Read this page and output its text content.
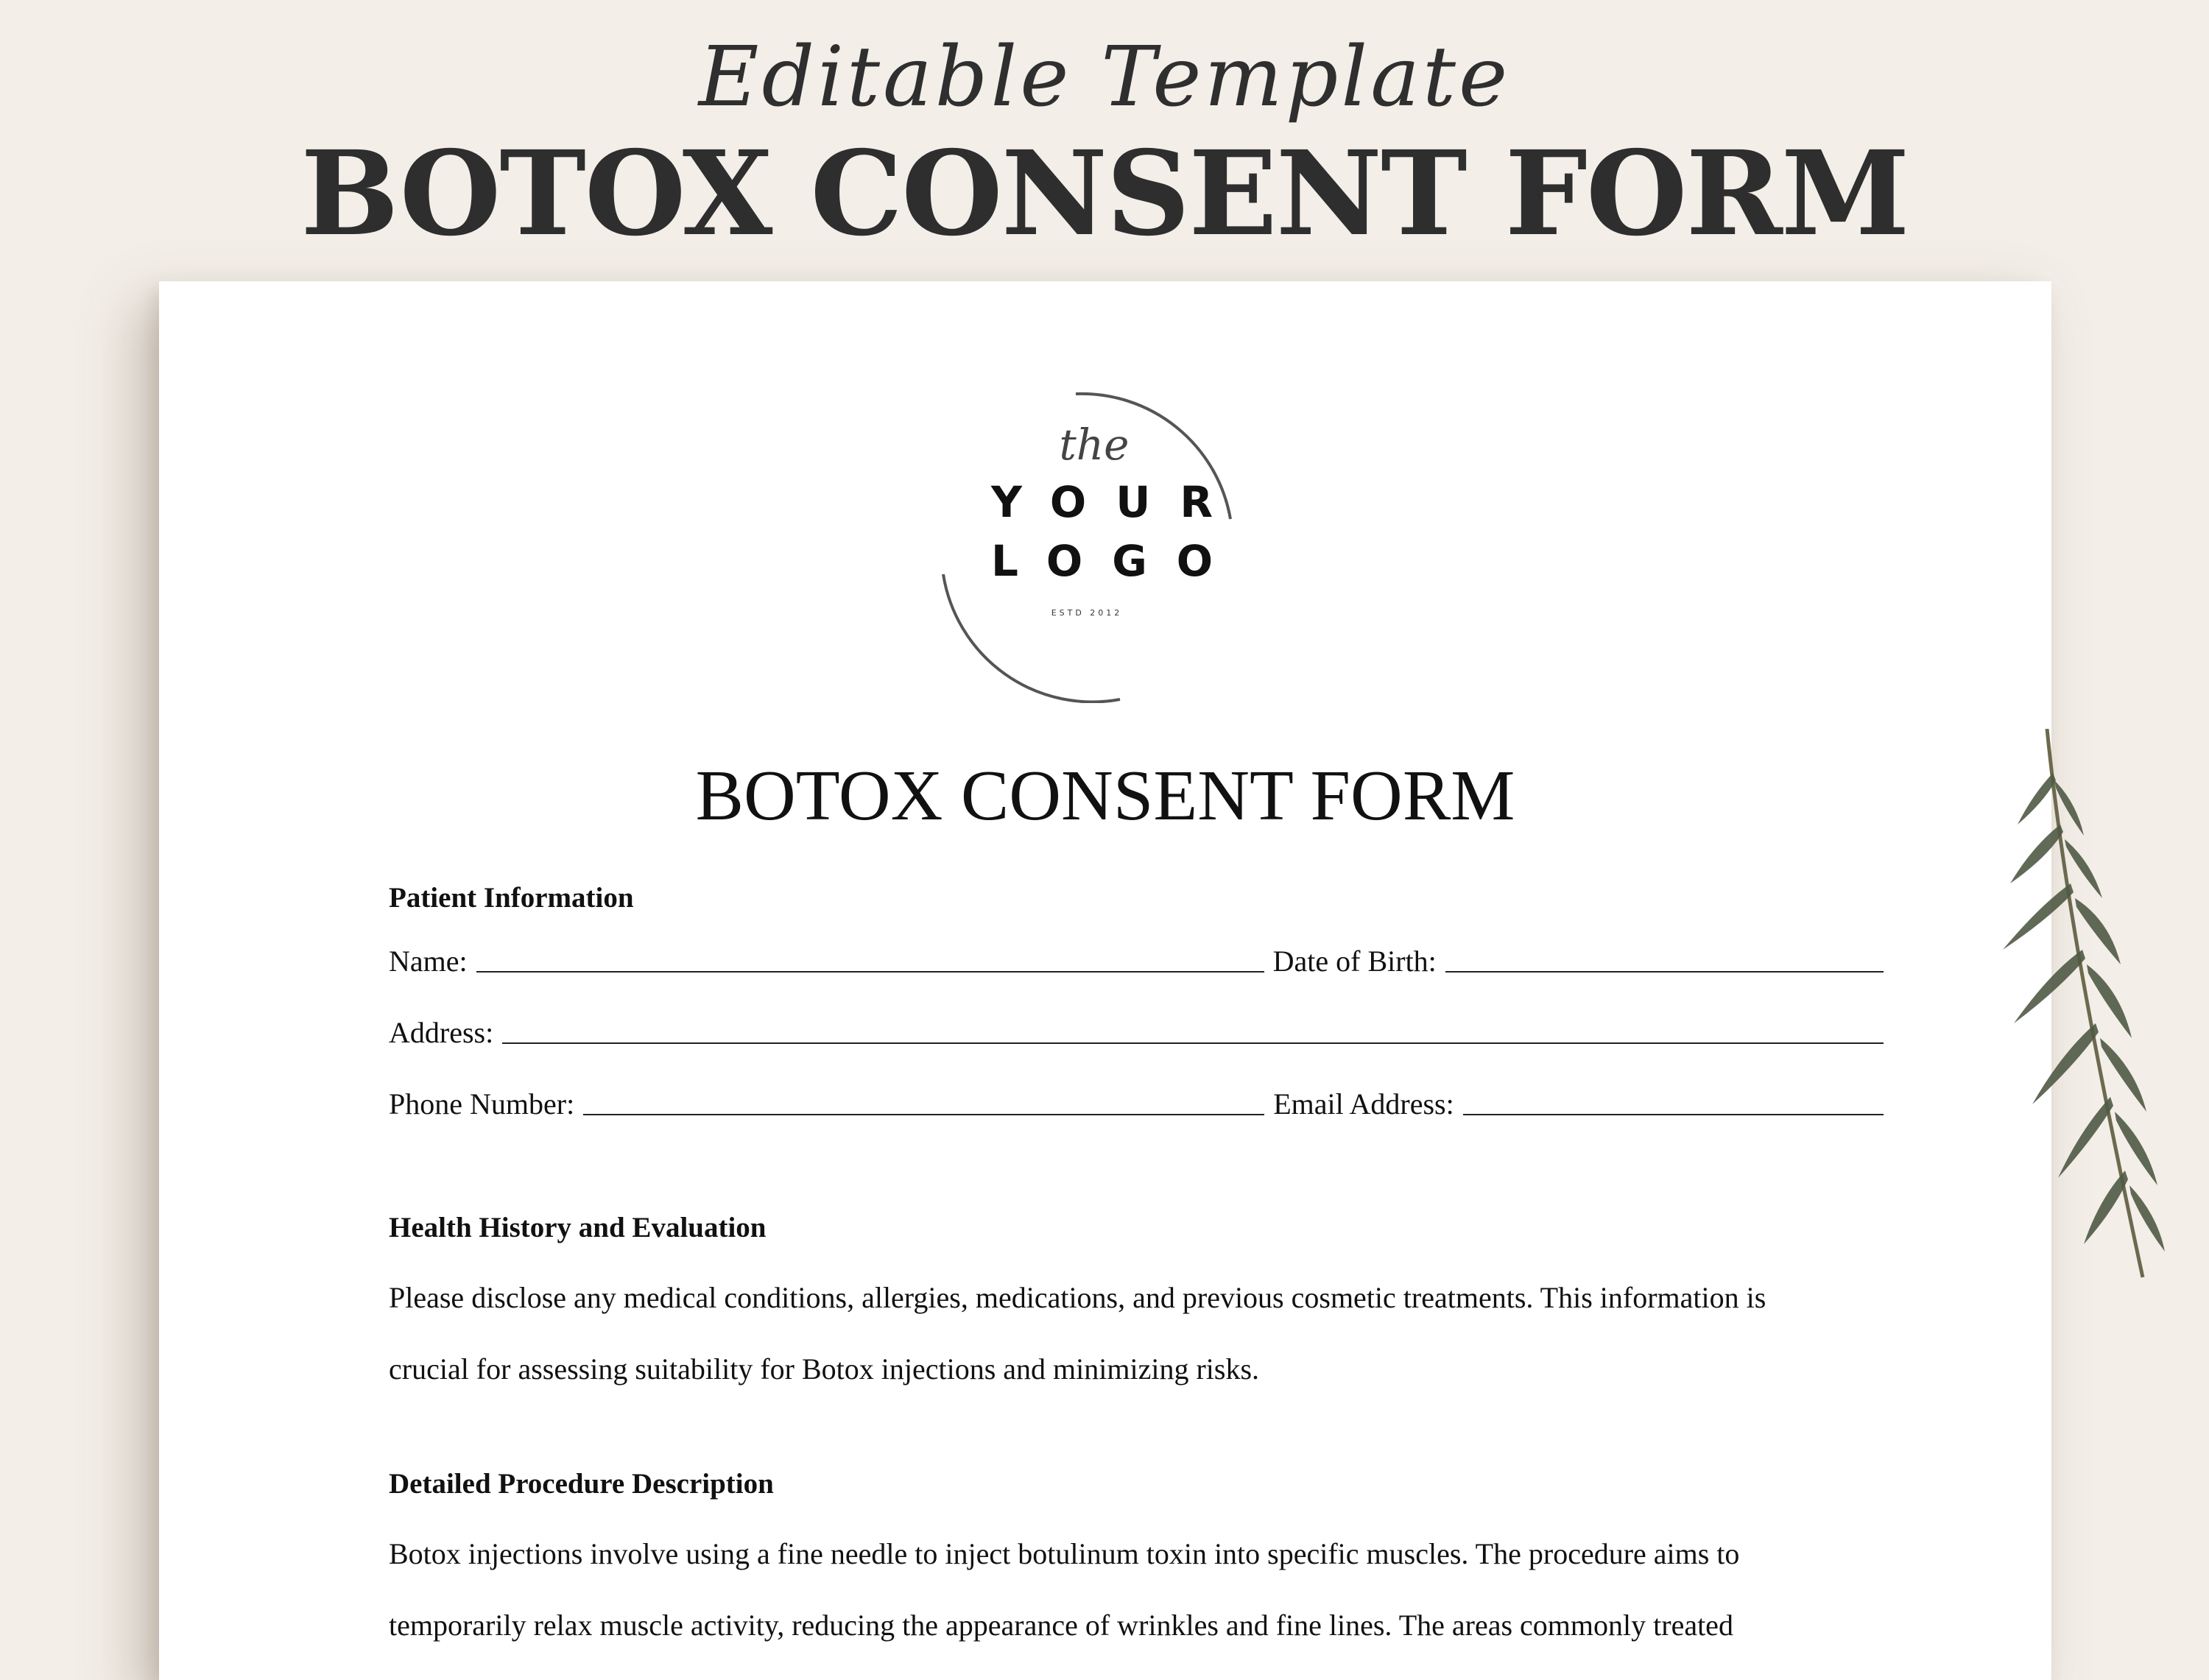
Editable Template
BOTOX CONSENT FORM
the
YOUR
LOGO
ESTD 2012
BOTOX CONSENT FORM
Patient Information
Name:	Date of Birth:
Address:
Phone Number:	Email Address:
Health History and Evaluation
Please disclose any medical conditions, allergies, medications, and previous cosmetic treatments. This information is
crucial for assessing suitability for Botox injections and minimizing risks.
Detailed Procedure Description
Botox injections involve using a fine needle to inject botulinum toxin into specific muscles. The procedure aims to
temporarily relax muscle activity, reducing the appearance of wrinkles and fine lines. The areas commonly treated
